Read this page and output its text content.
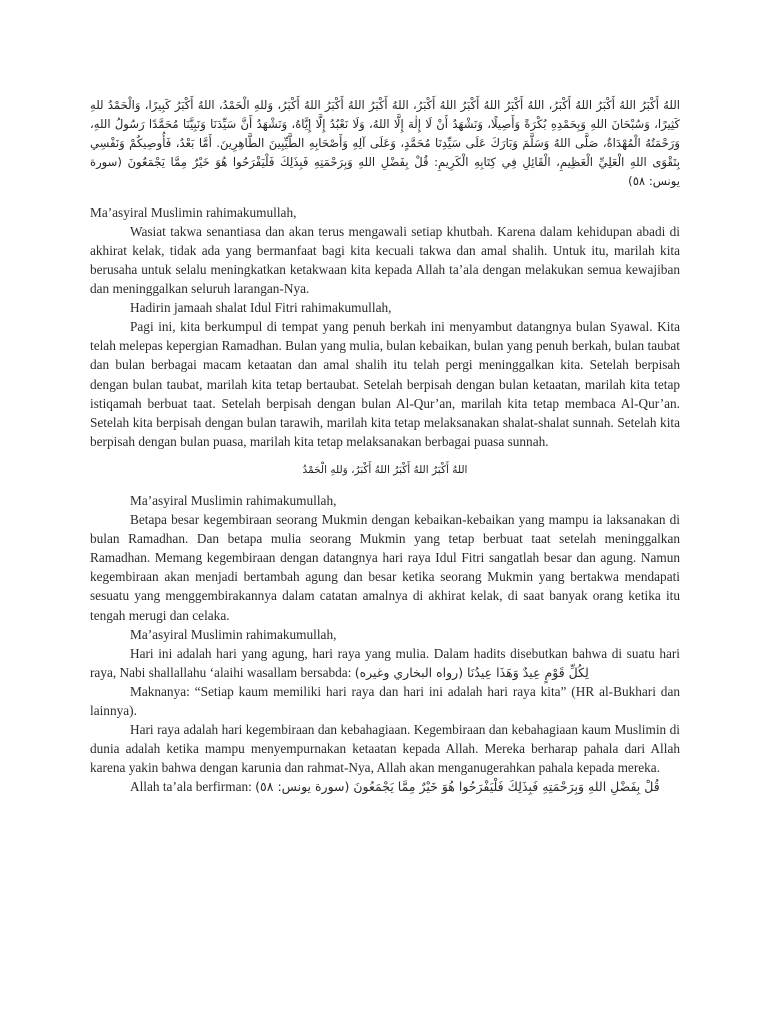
اللهُ أَكْبَرُ اللهُ أَكْبَرُ اللهُ أَكْبَرُ، اللهُ أَكْبَرُ اللهُ أَكْبَرُ اللهُ أَكْبَرُ، اللهُ أَكْبَرُ اللهُ أَكْبَرُ اللهُ أَكْبَرُ، وَللهِ الْحَمْدُ، اللهُ أَكْبَرُ كَبِيرًا، وَالْحَمْدُ للهِ كَثِيرًا، وَسُبْحَانَ اللهِ وَبِحَمْدِهِ بُكْرَةً وَأَصِيلًا، وَنَشْهَدُ أَنْ لَا إِلٰهَ إِلَّا اللهُ، وَلَا نَعْبُدُ إِلَّا إِيَّاهُ، وَنَشْهَدُ أَنَّ سَيِّدَنَا وَنَبِيَّنَا مُحَمَّدًا رَسُولُ اللهِ، وَرَحْمَتُهُ الْمُهْدَاةُ، صَلَّى اللهُ وَسَلَّمَ وَبَارَكَ عَلَى سَيِّدِنَا مُحَمَّدٍ، وَعَلَى آلِهِ وَأَصْحَابِهِ الطَّيِّبِينَ الطَّاهِرِينَ. أَمَّا بَعْدُ، فَأُوصِيكُمْ وَنَفْسِي بِتَقْوَى اللهِ الْعَلِيِّ الْعَظِيمِ، الْقَائِلِ فِي كِتَابِهِ الْكَرِيمِ: قُلْ بِفَضْلِ اللهِ وَبِرَحْمَتِهِ فَبِذَلِكَ فَلْيَفْرَحُوا هُوَ خَيْرٌ مِمَّا يَجْمَعُونَ (سورة يونس: ٥٨)

Ma’asyiral Muslimin rahimakumullah,

Wasiat takwa senantiasa dan akan terus mengawali setiap khutbah. Karena dalam kehidupan abadi di akhirat kelak, tidak ada yang bermanfaat bagi kita kecuali takwa dan amal shalih. Untuk itu, marilah kita berusaha untuk selalu meningkatkan ketakwaan kita kepada Allah ta’ala dengan melakukan semua kewajiban dan meninggalkan seluruh larangan-Nya.

Hadirin jamaah shalat Idul Fitri rahimakumullah,

Pagi ini, kita berkumpul di tempat yang penuh berkah ini menyambut datangnya bulan Syawal. Kita telah melepas kepergian Ramadhan. Bulan yang mulia, bulan kebaikan, bulan yang penuh berkah, bulan taubat dan bulan berbagai macam ketaatan dan amal shalih itu telah pergi meninggalkan kita. Setelah berpisah dengan bulan taubat, marilah kita tetap bertaubat. Setelah berpisah dengan bulan ketaatan, marilah kita tetap istiqamah berbuat taat. Setelah berpisah dengan bulan Al-Qur’an, marilah kita tetap membaca Al-Qur’an. Setelah kita berpisah dengan bulan tarawih, marilah kita tetap melaksanakan shalat-shalat sunnah. Setelah kita berpisah dengan bulan puasa, marilah kita tetap melaksanakan berbagai puasa sunnah.

اللهُ أَكْبَرُ اللهُ أَكْبَرُ اللهُ أَكْبَرُ، وَللهِ الْحَمْدُ

Ma’asyiral Muslimin rahimakumullah,

Betapa besar kegembiraan seorang Mukmin dengan kebaikan-kebaikan yang mampu ia laksanakan di bulan Ramadhan. Dan betapa mulia seorang Mukmin yang tetap berbuat taat setelah meninggalkan Ramadhan. Memang kegembiraan dengan datangnya hari raya Idul Fitri sangatlah besar dan agung. Namun kegembiraan akan menjadi bertambah agung dan besar ketika seorang Mukmin yang bertakwa mendapati sesuatu yang menggembirakannya dalam catatan amalnya di akhirat kelak, di saat banyak orang ketika itu tengah merugi dan celaka.

Ma’asyiral Muslimin rahimakumullah,

Hari ini adalah hari yang agung, hari raya yang mulia. Dalam hadits disebutkan bahwa di suatu hari raya, Nabi shallallahu ‘alaihi wasallam bersabda: لِكُلِّ قَوْمٍ عِيدٌ وَهَذَا عِيدُنَا (رواه البخاري وغيره)

Maknanya: “Setiap kaum memiliki hari raya dan hari ini adalah hari raya kita” (HR al-Bukhari dan lainnya).

Hari raya adalah hari kegembiraan dan kebahagiaan. Kegembiraan dan kebahagiaan kaum Muslimin di dunia adalah ketika mampu menyempurnakan ketaatan kepada Allah. Mereka berharap pahala dari Allah karena yakin bahwa dengan karunia dan rahmat-Nya, Allah akan menganugerahkan pahala kepada mereka.

Allah ta’ala berfirman: قُلْ بِفَضْلِ اللهِ وَبِرَحْمَتِهِ فَبِذَلِكَ فَلْيَفْرَحُوا هُوَ خَيْرٌ مِمَّا يَجْمَعُونَ (سورة يونس: ٥٨)
